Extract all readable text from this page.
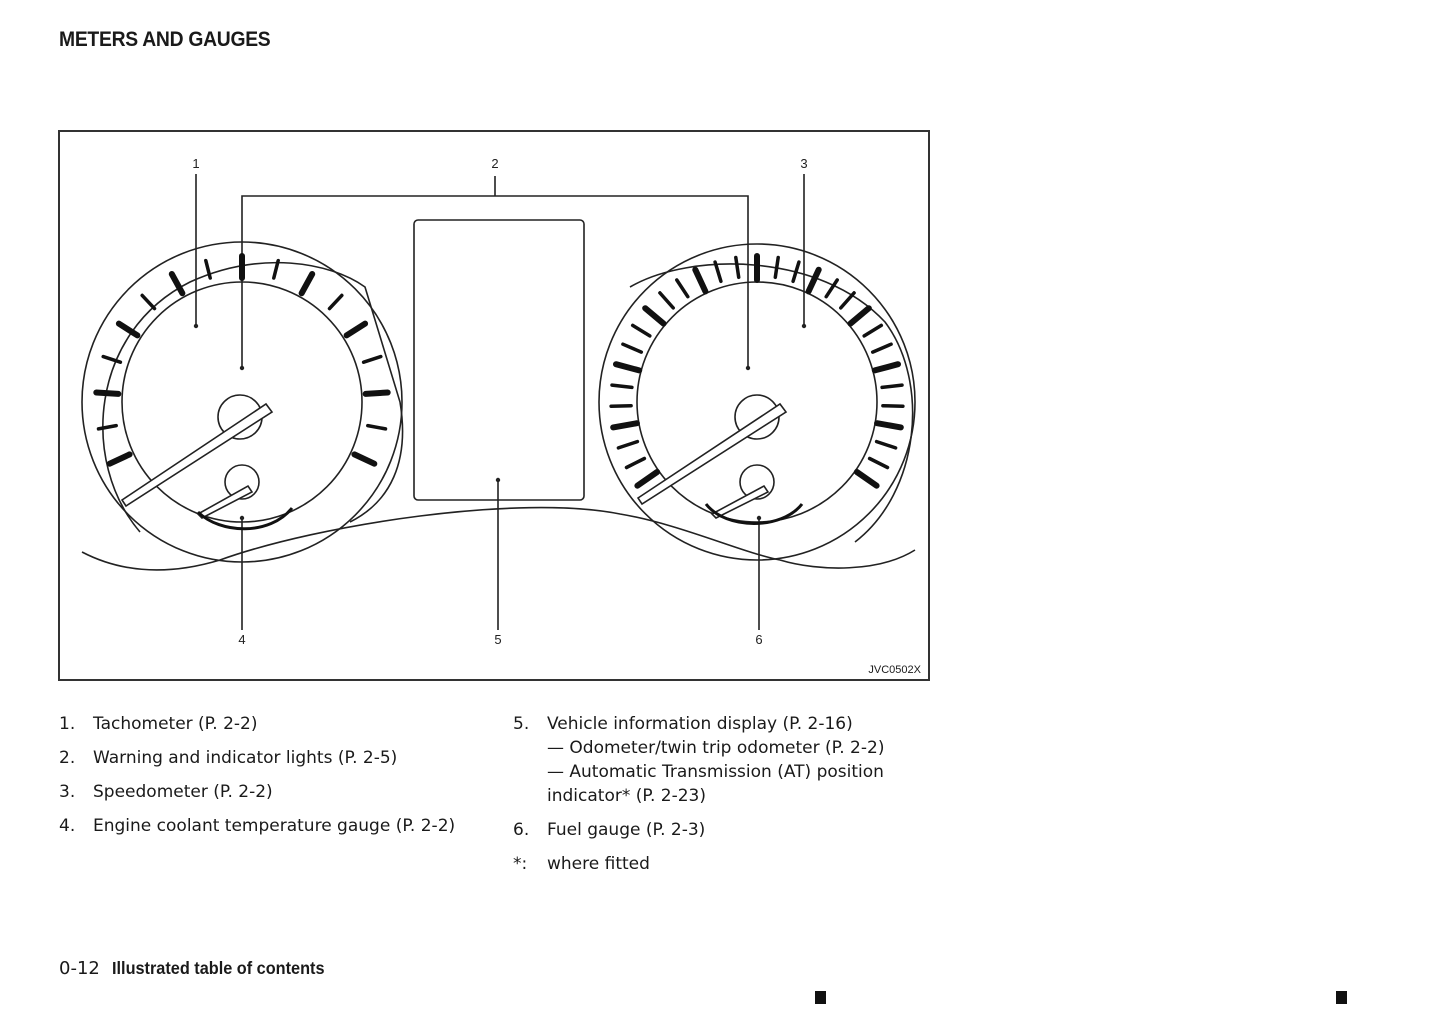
METERS AND GAUGES
1	2	3
4	5	6
JVC0502X
1.	Tachometer (P. 2-2)
2.	Warning and indicator lights (P. 2-5)
3.	Speedometer (P. 2-2)
4.	Engine coolant temperature gauge (P. 2-2)
5.	Vehicle information display (P. 2-16)
— Odometer/twin trip odometer (P. 2-2)
— Automatic Transmission (AT) position indicator* (P. 2-23)
6.	Fuel gauge (P. 2-3)
*:	where fitted
0-12 Illustrated table of contents
